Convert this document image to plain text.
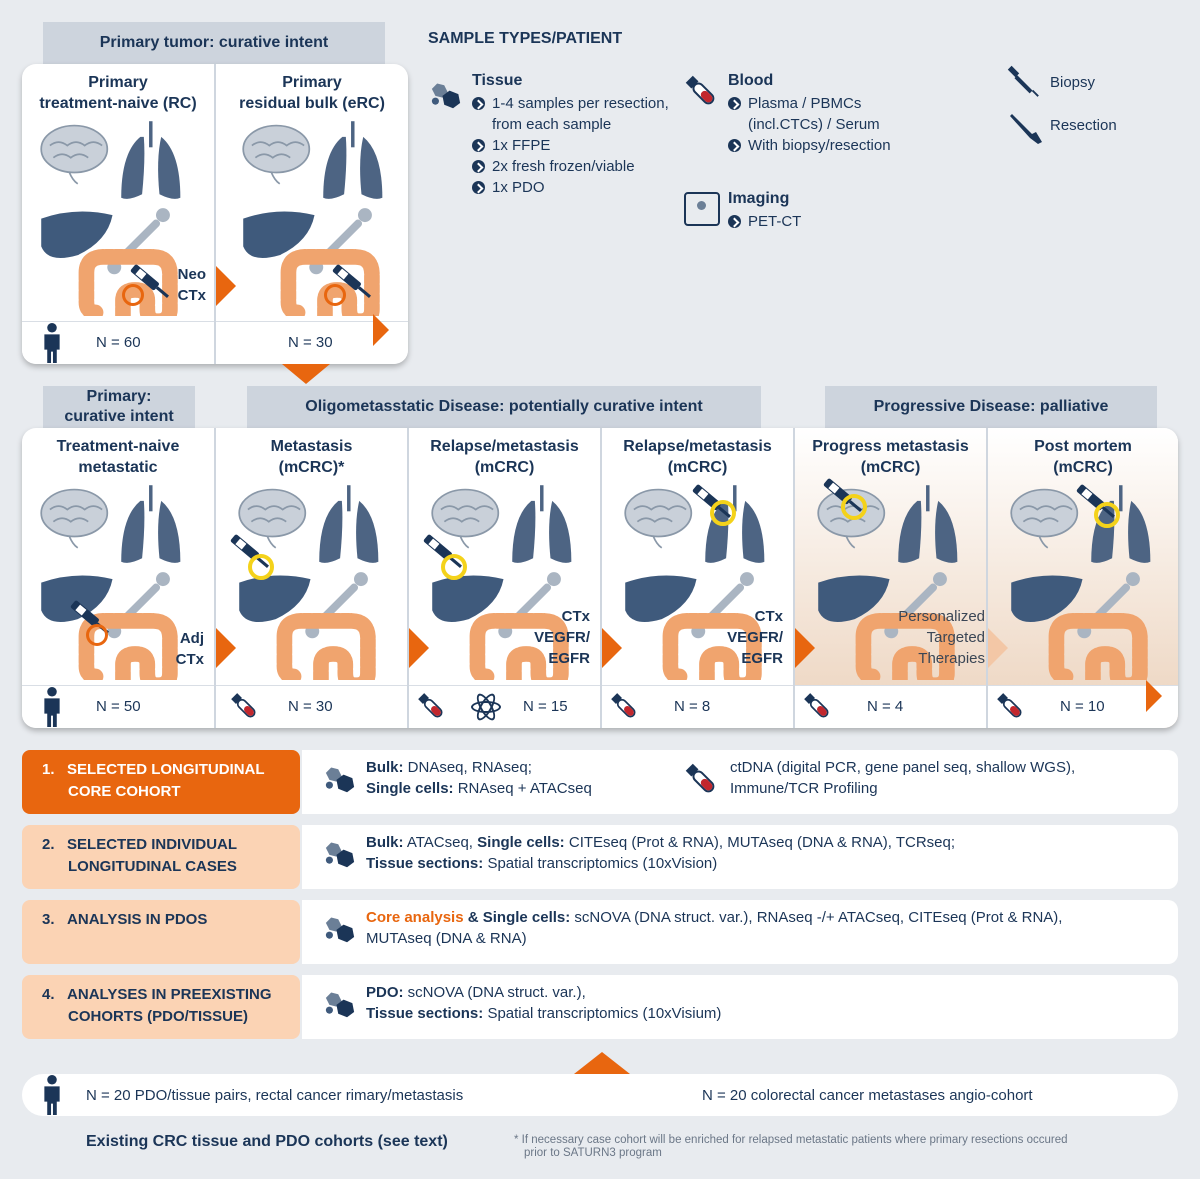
Primary tumor: curative intent
Primary
treatment-naive (RC)
Neo
CTx
N = 60
Primary
residual bulk (eRC)
N = 30
SAMPLE TYPES/PATIENT
Tissue
1-4 samples per resection, from each sample
1x FFPE
2x fresh frozen/viable
1x PDO
Blood
Plasma / PBMCs (incl.CTCs) / Serum
With biopsy/resection
Imaging
PET-CT
Biopsy
Resection
Primary:
curative intent
Oligometasstatic Disease: potentially curative intent	Progressive Disease: palliative
Treatment-naive
metastatic
Adj
CTx
N = 50
Metastasis
(mCRC)*
N = 30
Relapse/metastasis
(mCRC)
CTx
VEGFR/
EGFR
N = 15
Relapse/metastasis
(mCRC)
CTx
VEGFR/
EGFR
N = 8
Progress metastasis
(mCRC)
Personalized
Targeted
Therapies
N = 4
Post mortem
(mCRC)
N = 10
1. SELECTED LONGITUDINAL
CORE COHORT
Bulk: DNAseq, RNAseq;
Single cells: RNAseq + ATACseq
ctDNA (digital PCR, gene panel seq, shallow WGS),
Immune/TCR Profiling
2. SELECTED INDIVIDUAL
LONGITUDINAL CASES
Bulk: ATACseq, Single cells: CITEseq (Prot & RNA), MUTAseq (DNA & RNA), TCRseq;
Tissue sections: Spatial transcriptomics (10xVision)
3. ANALYSIS IN PDOS	Core analysis & Single cells: scNOVA (DNA struct. var.), RNAseq -/+ ATACseq, CITEseq (Prot & RNA),
MUTAseq (DNA & RNA)
4. ANALYSES IN PREEXISTING
COHORTS (PDO/TISSUE)
PDO: scNOVA (DNA struct. var.),
Tissue sections: Spatial transcriptomics (10xVisium)
N = 20 PDO/tissue pairs, rectal cancer rimary/metastasis	N = 20 colorectal cancer metastases angio-cohort
Existing CRC tissue and PDO cohorts (see text)	* If necessary case cohort will be enriched for relapsed metastatic patients where primary resections occured
prior to SATURN3 program
